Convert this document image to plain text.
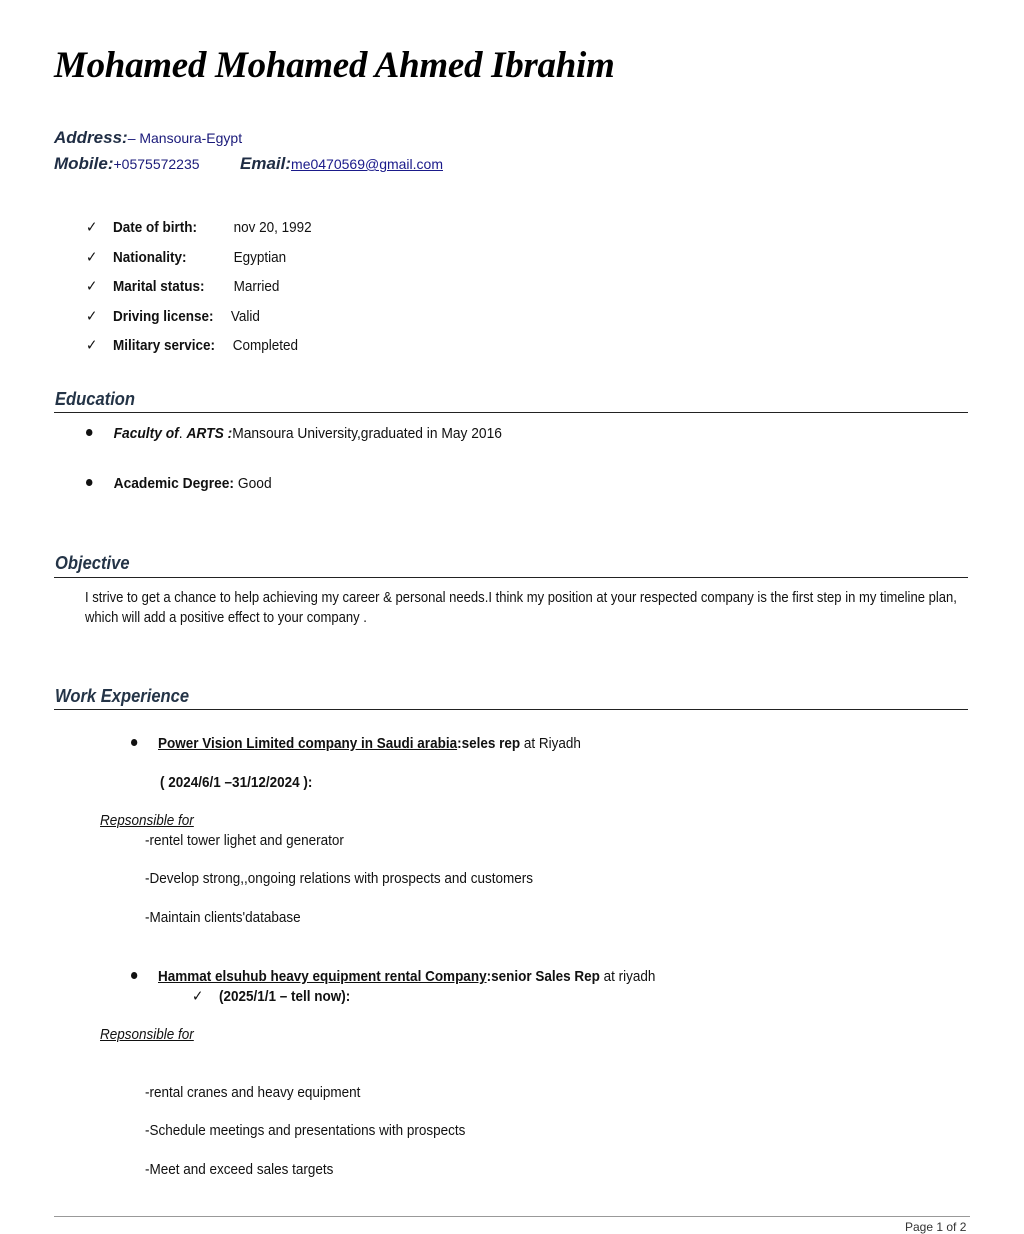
Mohamed Mohamed Ahmed Ibrahim
Address:– Mansoura-Egypt
Mobile:+0575572235 Email:me0470569@gmail.com
✓ Date of birth: nov 20, 1992
✓ Nationality:	Egyptian
✓ Marital status: Married
✓ Driving license: Valid
✓ Military service: Completed
Education
Faculty of. ARTS :Mansoura University,graduated in May 2016
Academic Degree: Good
Objective
I strive to get a chance to help achieving my career & personal needs.I think my position at your respected company is the first step in my timeline plan, which will add a positive effect to your company .
Work Experience
Power Vision Limited company in Saudi arabia:seles rep at Riyadh
( 2024/6/1 –31/12/2024 ):
Repsonsible for
-rentel tower lighet and generator
-Develop strong,,ongoing relations with prospects and customers
-Maintain clients'database
Hammat elsuhub heavy equipment rental Company:senior Sales Rep at riyadh
✓ (2025/1/1 – tell now):
Repsonsible for
-rental cranes and heavy equipment
-Schedule meetings and presentations with prospects
-Meet and exceed sales targets
Page 1 of 2
